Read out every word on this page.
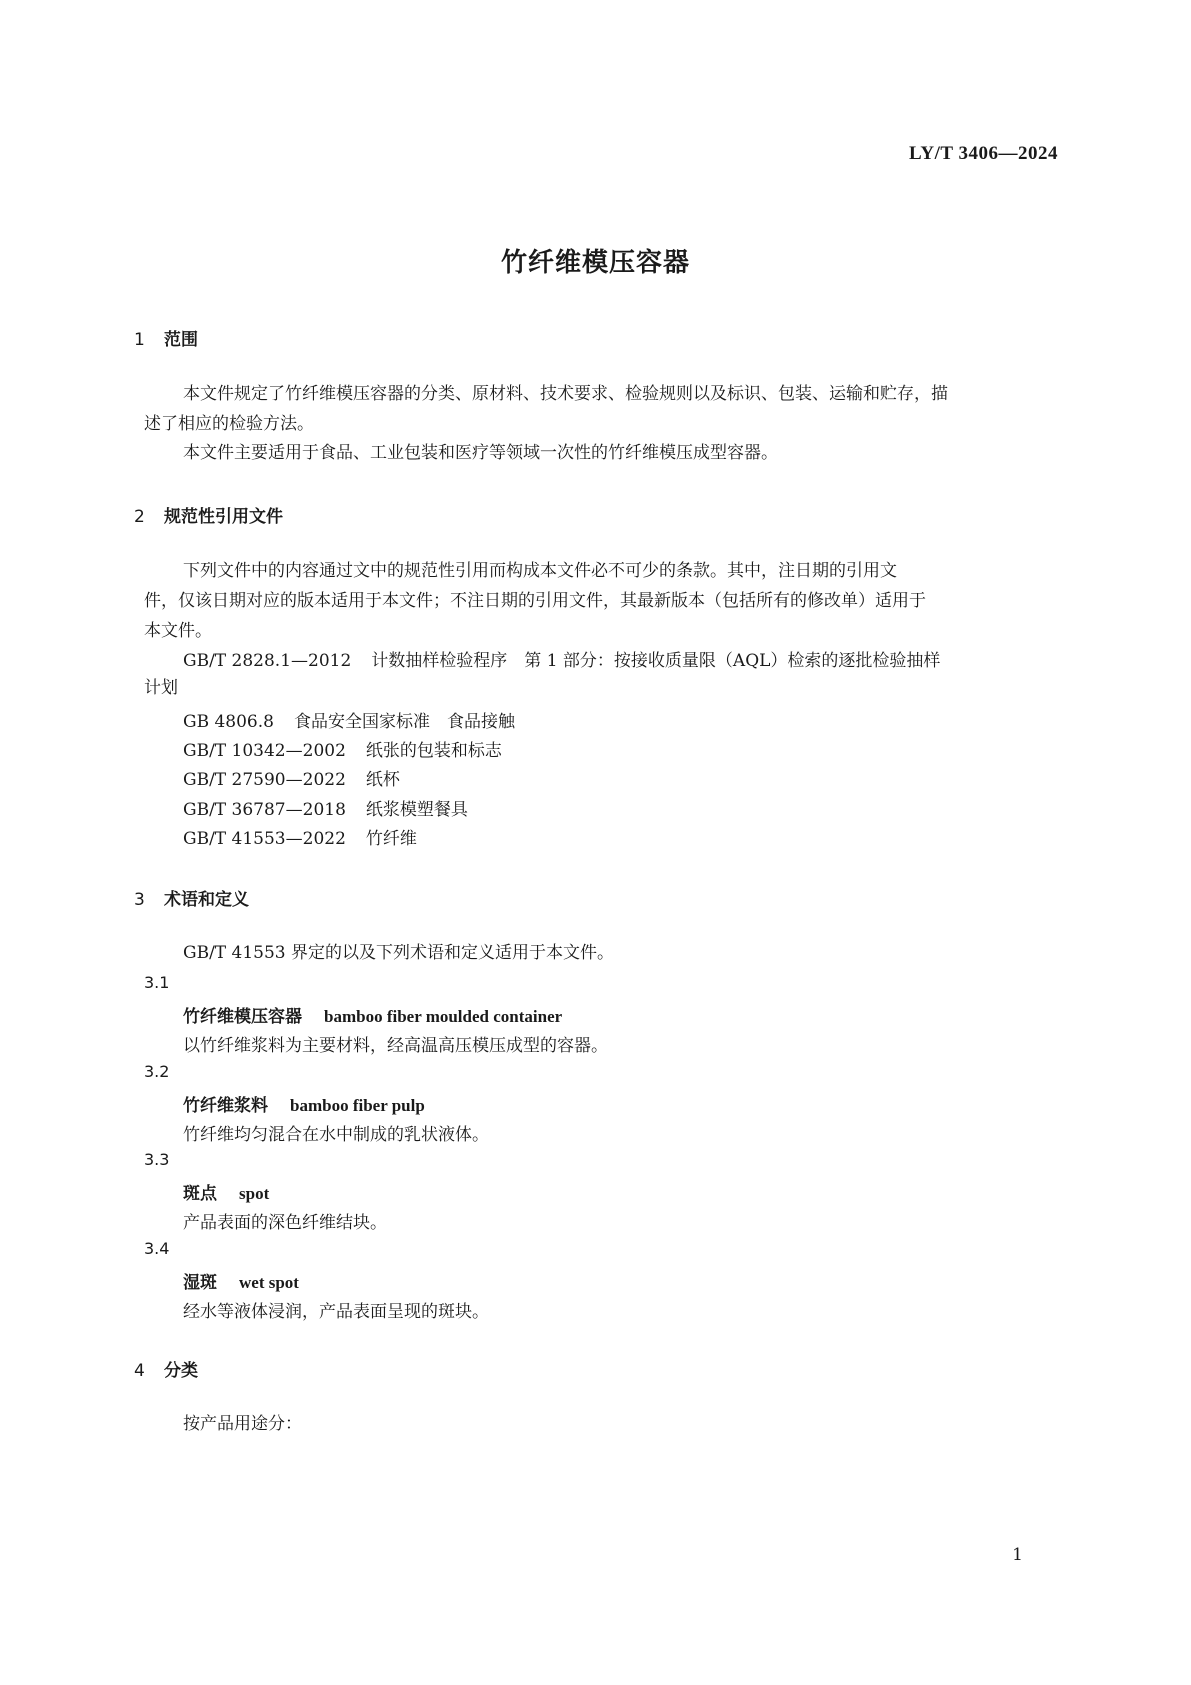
LY/T 3406—2024
竹纤维模压容器
1 范围
本文件规定了竹纤维模压容器的分类、原材料、技术要求、检验规则以及标识、包装、运输和贮存，描
述了相应的检验方法。
本文件主要适用于食品、工业包装和医疗等领域一次性的竹纤维模压成型容器。
2 规范性引用文件
下列文件中的内容通过文中的规范性引用而构成本文件必不可少的条款。其中，注日期的引用文
件，仅该日期对应的版本适用于本文件；不注日期的引用文件，其最新版本（包括所有的修改单）适用于
本文件。
GB/T 2828.1—2012 计数抽样检验程序　第 1 部分：按接收质量限（AQL）检索的逐批检验抽样
计划
GB 4806.8 食品安全国家标准　食品接触
GB/T 10342—2002 纸张的包装和标志
GB/T 27590—2022 纸杯
GB/T 36787—2018 纸浆模塑餐具
GB/T 41553—2022 竹纤维
3 术语和定义
GB/T 41553 界定的以及下列术语和定义适用于本文件。
3.1
竹纤维模压容器 bamboo fiber moulded container
以竹纤维浆料为主要材料，经高温高压模压成型的容器。
3.2
竹纤维浆料 bamboo fiber pulp
竹纤维均匀混合在水中制成的乳状液体。
3.3
斑点 spot
产品表面的深色纤维结块。
3.4
湿斑 wet spot
经水等液体浸润，产品表面呈现的斑块。
4 分类
按产品用途分：
1
